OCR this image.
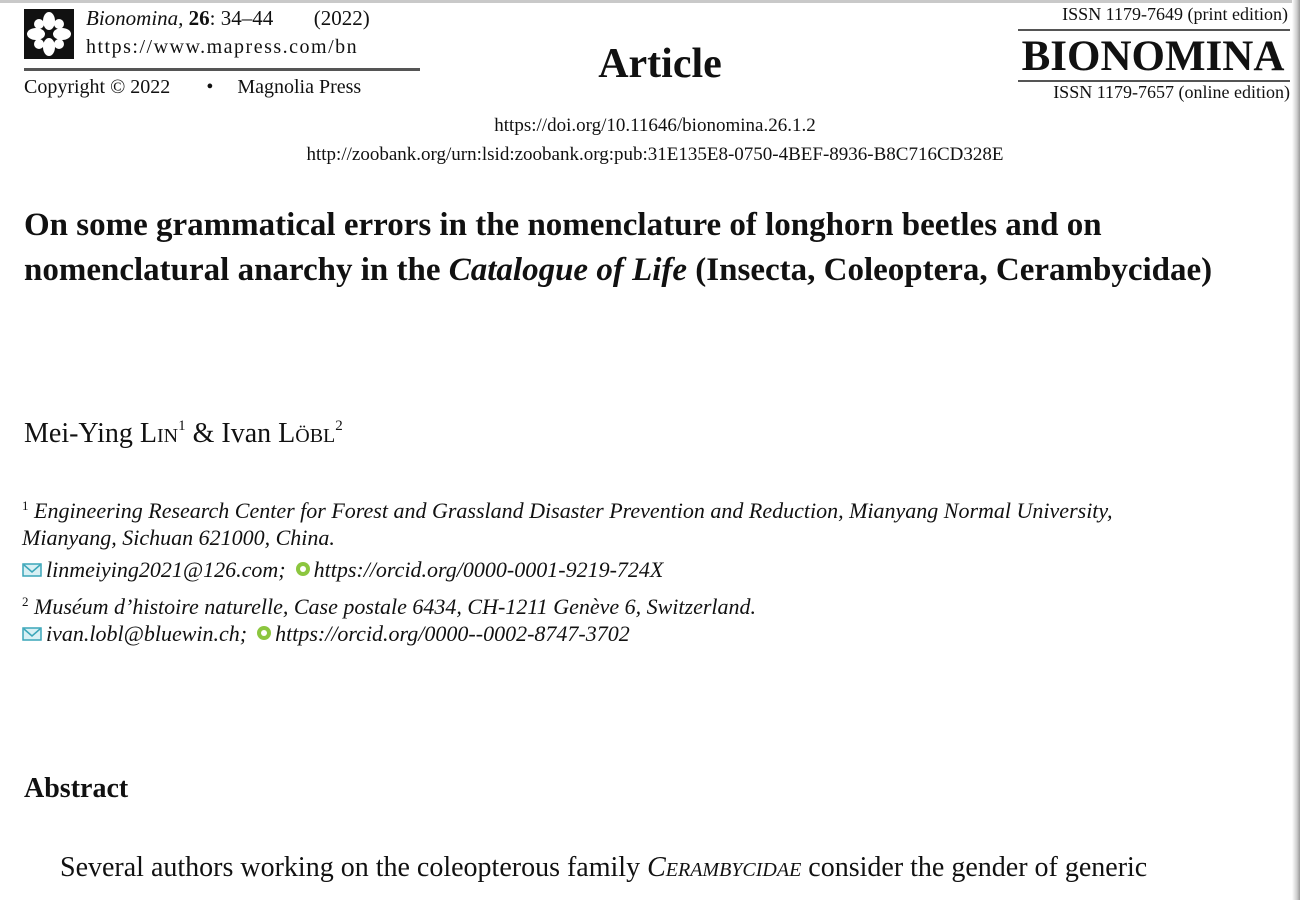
Bionomina, 26: 34–44 (2022)
https://www.mapress.com/bn
Copyright © 2022 • Magnolia Press	Article
ISSN 1179-7649 (print edition)
BIONOMINA
ISSN 1179-7657 (online edition)
https://doi.org/10.11646/bionomina.26.1.2
http://zoobank.org/urn:lsid:zoobank.org:pub:31E135E8-0750-4BEF-8936-B8C716CD328E
On some grammatical errors in the nomenclature of longhorn beetles and on nomenclatural anarchy in the Catalogue of Life (Insecta, Coleoptera, Cerambycidae)
Mei-Ying Lin$^1$ & Ivan Löbl$^2$
$^1$ Engineering Research Center for Forest and Grassland Disaster Prevention and Reduction, Mianyang Normal University,
Mianyang, Sichuan 621000, China.
linmeiying2021@126.com; https://orcid.org/0000-0001-9219-724X
$^2$ Muséum d’histoire naturelle, Case postale 6434, CH-1211 Genève 6, Switzerland.
ivan.lobl@bluewin.ch; https://orcid.org/0000--0002-8747-3702
Abstract
Several authors working on the coleopterous family Cerambycidae consider the gender of generic
